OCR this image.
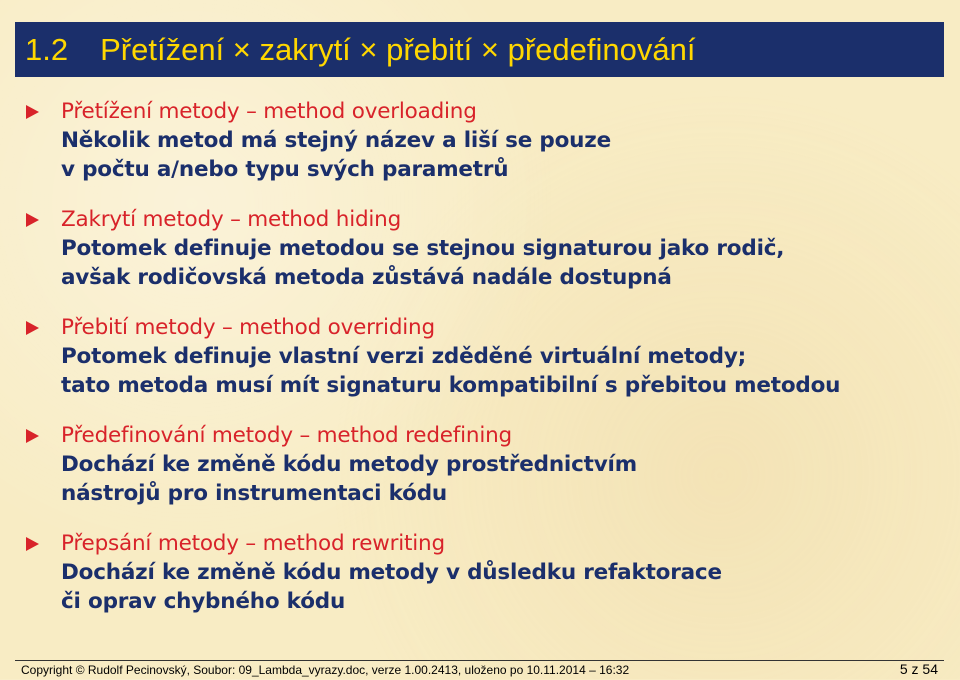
1.2 Přetížení × zakrytí × přebití × předefinování
Přetížení metody – method overloading
Několik metod má stejný název a liší se pouze
v počtu a/nebo typu svých parametrů
Zakrytí metody – method hiding
Potomek definuje metodou se stejnou signaturou jako rodič,
avšak rodičovská metoda zůstává nadále dostupná
Přebití metody – method overriding
Potomek definuje vlastní verzi zděděné virtuální metody;
tato metoda musí mít signaturu kompatibilní s přebitou metodou
Předefinování metody – method redefining
Dochází ke změně kódu metody prostřednictvím
nástrojů pro instrumentaci kódu
Přepsání metody – method rewriting
Dochází ke změně kódu metody v důsledku refaktorace
či oprav chybného kódu
Copyright © Rudolf Pecinovský, Soubor: 09_Lambda_vyrazy.doc, verze 1.00.2413, uloženo po 10.11.2014 – 16:32	5 z 54
